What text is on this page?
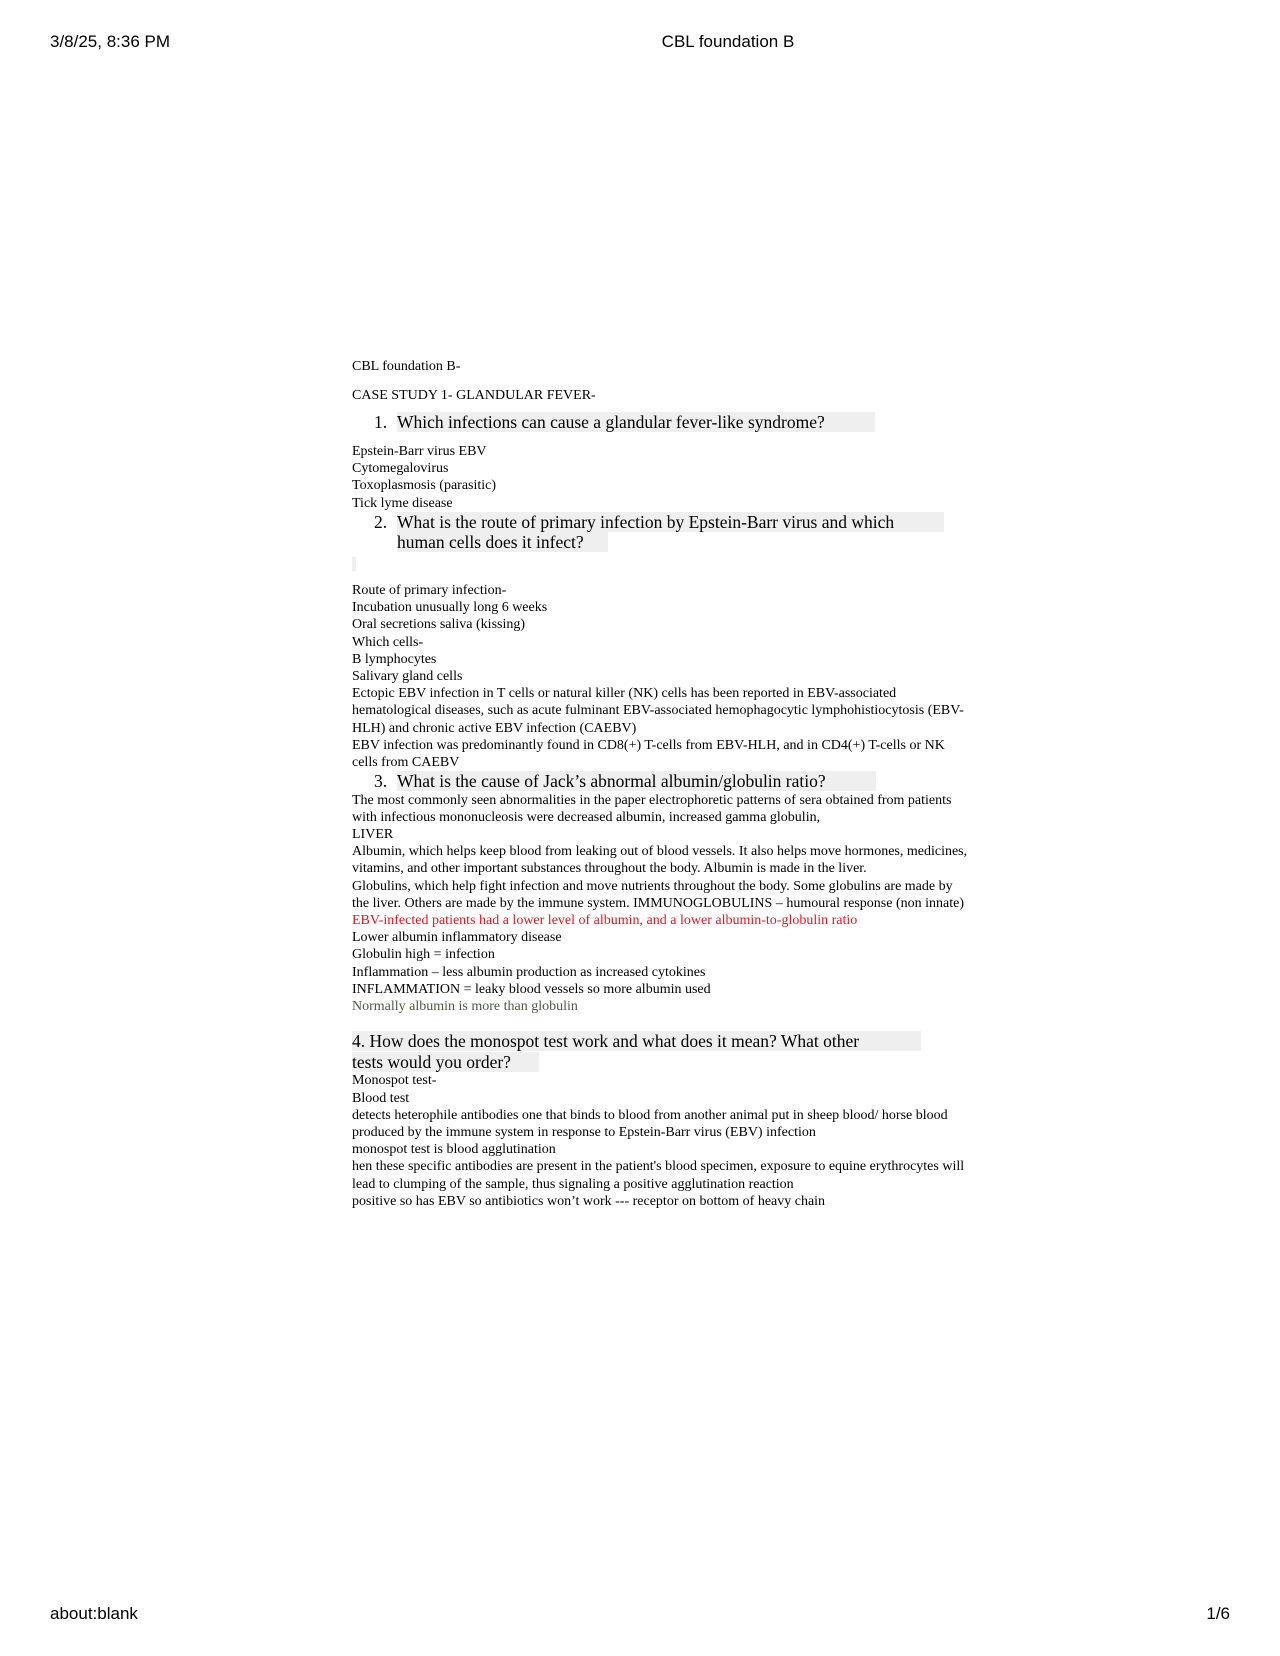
3/8/25, 8:36 PM	CBL foundation B

CBL foundation B-

CASE STUDY 1- GLANDULAR FEVER-

1. Which infections can cause a glandular fever-like syndrome?

Epstein-Barr virus EBV

Cytomegalovirus

Toxoplasmosis (parasitic)

Tick lyme disease

2. What is the route of primary infection by Epstein-Barr virus and which
human cells does it infect?

Route of primary infection-

Incubation unusually long 6 weeks

Oral secretions saliva (kissing)

Which cells-

B lymphocytes

Salivary gland cells

Ectopic EBV infection in T cells or natural killer (NK) cells has been reported in EBV-associated hematological diseases, such as acute fulminant EBV-associated hemophagocytic lymphohistiocytosis (EBV-HLH) and chronic active EBV infection (CAEBV)

EBV infection was predominantly found in CD8(+) T-cells from EBV-HLH, and in CD4(+) T-cells or NK cells from CAEBV

3. What is the cause of Jack’s abnormal albumin/globulin ratio?

The most commonly seen abnormalities in the paper electrophoretic patterns of sera obtained from patients with infectious mononucleosis were decreased albumin, increased gamma globulin,

LIVER

Albumin, which helps keep blood from leaking out of blood vessels. It also helps move hormones, medicines, vitamins, and other important substances throughout the body. Albumin is made in the liver.

Globulins, which help fight infection and move nutrients throughout the body. Some globulins are made by the liver. Others are made by the immune system. IMMUNOGLOBULINS – humoural response (non innate)

EBV-infected patients had a lower level of albumin, and a lower albumin-to-globulin ratio

Lower albumin inflammatory disease

Globulin high = infection

Inflammation – less albumin production as increased cytokines

INFLAMMATION = leaky blood vessels so more albumin used

Normally albumin is more than globulin

4. How does the monospot test work and what does it mean? What other
tests would you order?

Monospot test-

Blood test

detects heterophile antibodies one that binds to blood from another animal put in sheep blood/ horse blood produced by the immune system in response to Epstein-Barr virus (EBV) infection

monospot test is blood agglutination

hen these specific antibodies are present in the patient's blood specimen, exposure to equine erythrocytes will lead to clumping of the sample, thus signaling a positive agglutination reaction

positive so has EBV so antibiotics won’t work --- receptor on bottom of heavy chain

about:blank	1/6
